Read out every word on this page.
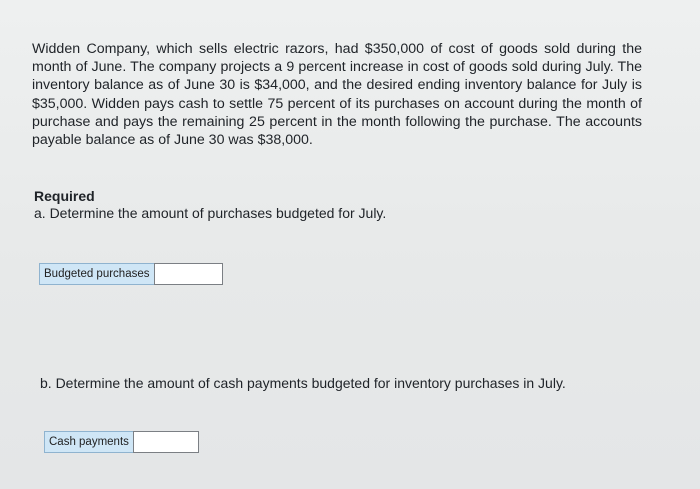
Widden Company, which sells electric razors, had $350,000 of cost of goods sold during the month of June. The company projects a 9 percent increase in cost of goods sold during July. The inventory balance as of June 30 is $34,000, and the desired ending inventory balance for July is $35,000. Widden pays cash to settle 75 percent of its purchases on account during the month of purchase and pays the remaining 25 percent in the month following the purchase. The accounts payable balance as of June 30 was $38,000.

Required

a. Determine the amount of purchases budgeted for July.

Budgeted purchases

b. Determine the amount of cash payments budgeted for inventory purchases in July.

Cash payments
